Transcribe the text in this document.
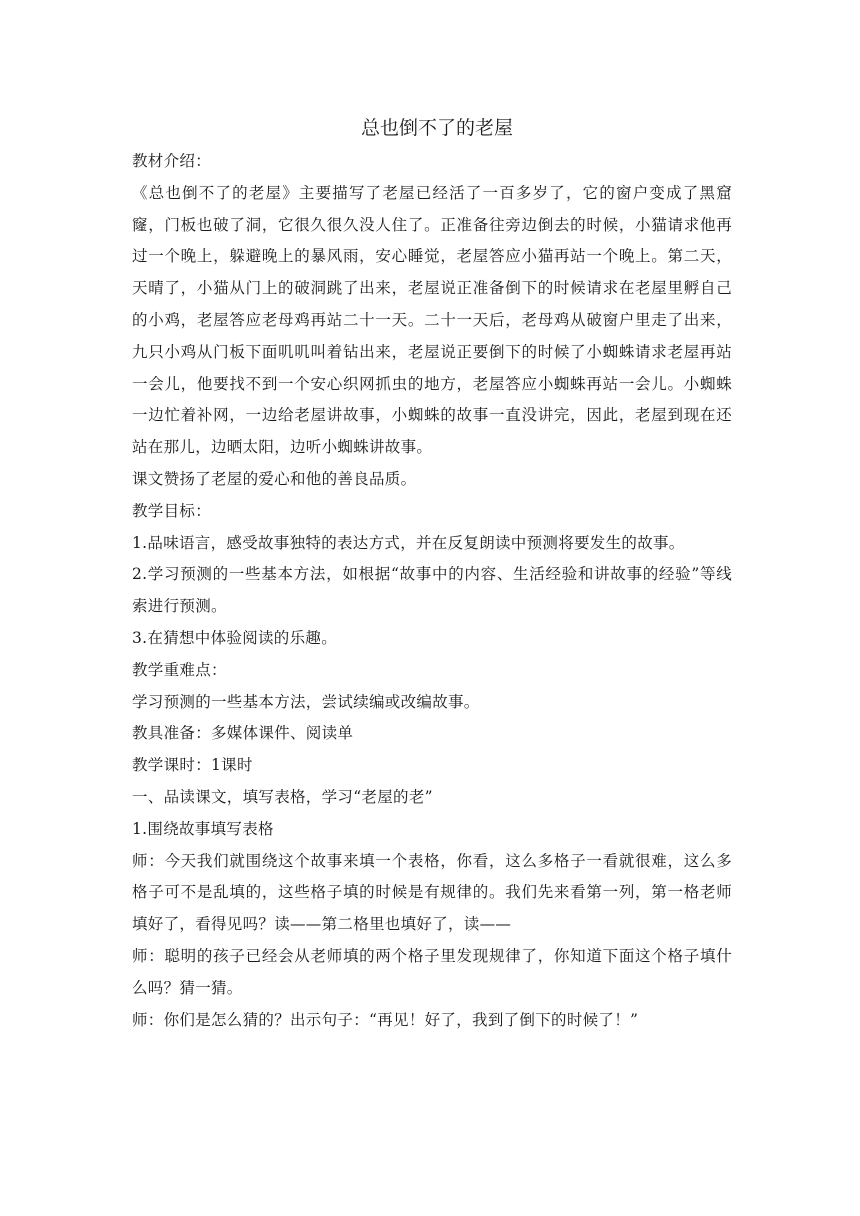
总也倒不了的老屋

教材介绍：

《总也倒不了的老屋》主要描写了老屋已经活了一百多岁了，它的窗户变成了黑窟窿，门板也破了洞，它很久很久没人住了。正准备往旁边倒去的时候，小猫请求他再过一个晚上，躲避晚上的暴风雨，安心睡觉，老屋答应小猫再站一个晚上。第二天，天晴了，小猫从门上的破洞跳了出来，老屋说正准备倒下的时候请求在老屋里孵自己的小鸡，老屋答应老母鸡再站二十一天。二十一天后，老母鸡从破窗户里走了出来，九只小鸡从门板下面叽叽叫着钻出来，老屋说正要倒下的时候了小蜘蛛请求老屋再站一会儿，他要找不到一个安心织网抓虫的地方，老屋答应小蜘蛛再站一会儿。小蜘蛛一边忙着补网，一边给老屋讲故事，小蜘蛛的故事一直没讲完，因此，老屋到现在还站在那儿，边晒太阳，边听小蜘蛛讲故事。

课文赞扬了老屋的爱心和他的善良品质。

教学目标：

1.品味语言，感受故事独特的表达方式，并在反复朗读中预测将要发生的故事。

2.学习预测的一些基本方法，如根据“故事中的内容、生活经验和讲故事的经验”等线索进行预测。

3.在猜想中体验阅读的乐趣。

教学重难点：

学习预测的一些基本方法，尝试续编或改编故事。

教具准备：多媒体课件、阅读单

教学课时：1课时

一、品读课文，填写表格，学习“老屋的老”

1.围绕故事填写表格

师：今天我们就围绕这个故事来填一个表格，你看，这么多格子一看就很难，这么多格子可不是乱填的，这些格子填的时候是有规律的。我们先来看第一列，第一格老师填好了，看得见吗？读——第二格里也填好了，读——

师：聪明的孩子已经会从老师填的两个格子里发现规律了，你知道下面这个格子填什么吗？猜一猜。

师：你们是怎么猜的？出示句子：“再见！好了，我到了倒下的时候了！”
